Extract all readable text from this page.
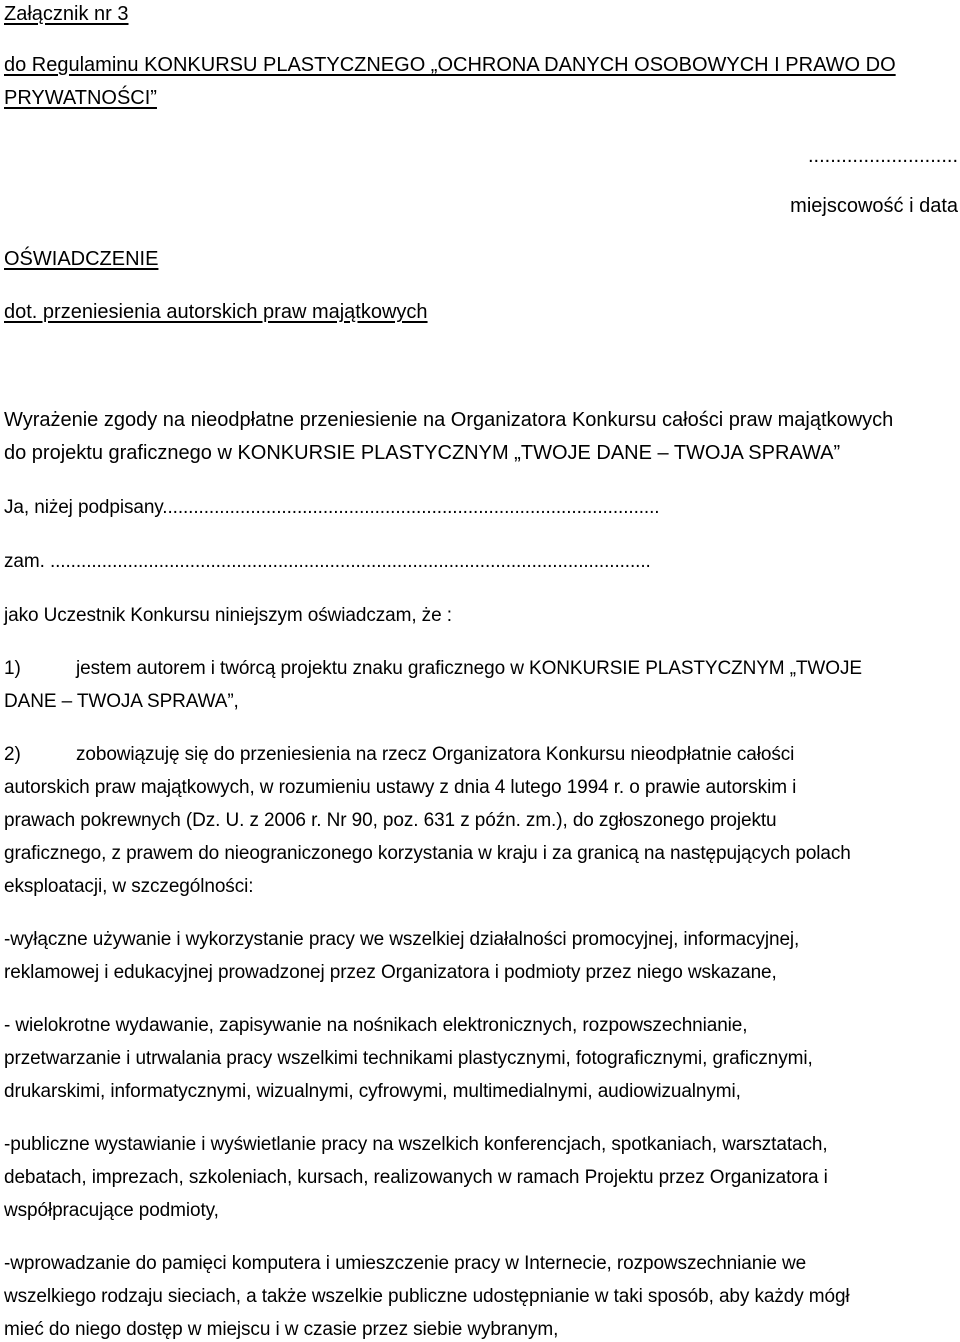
Załącznik nr 3
do Regulaminu KONKURSU PLASTYCZNEGO „OCHRONA DANYCH OSOBOWYCH I PRAWO DO
PRYWATNOŚCI”
...........................
miejscowość i data
OŚWIADCZENIE
dot. przeniesienia autorskich praw majątkowych
Wyrażenie zgody na nieodpłatne przeniesienie na Organizatora Konkursu całości praw majątkowych
do projektu graficznego w KONKURSIE PLASTYCZNYM „TWOJE DANE – TWOJA SPRAWA”
Ja, niżej podpisany................................................................................................
zam. ....................................................................................................................
jako Uczestnik Konkursu niniejszym oświadczam, że :
1)	jestem autorem i twórcą projektu znaku graficznego w KONKURSIE PLASTYCZNYM „TWOJE
DANE – TWOJA SPRAWA”,
2)	zobowiązuję się do przeniesienia na rzecz Organizatora Konkursu nieodpłatnie całości
autorskich praw majątkowych, w rozumieniu ustawy z dnia 4 lutego 1994 r. o prawie autorskim i
prawach pokrewnych (Dz. U. z 2006 r. Nr 90, poz. 631 z późn. zm.), do zgłoszonego projektu
graficznego, z prawem do nieograniczonego korzystania w kraju i za granicą na następujących polach
eksploatacji, w szczególności:
-wyłączne używanie i wykorzystanie pracy we wszelkiej działalności promocyjnej, informacyjnej,
reklamowej i edukacyjnej prowadzonej przez Organizatora i podmioty przez niego wskazane,
- wielokrotne wydawanie, zapisywanie na nośnikach elektronicznych, rozpowszechnianie,
przetwarzanie i utrwalania pracy wszelkimi technikami plastycznymi, fotograficznymi, graficznymi,
drukarskimi, informatycznymi, wizualnymi, cyfrowymi, multimedialnymi, audiowizualnymi,
-publiczne wystawianie i wyświetlanie pracy na wszelkich konferencjach, spotkaniach, warsztatach,
debatach, imprezach, szkoleniach, kursach, realizowanych w ramach Projektu przez Organizatora i
współpracujące podmioty,
-wprowadzanie do pamięci komputera i umieszczenie pracy w Internecie, rozpowszechnianie we
wszelkiego rodzaju sieciach, a także wszelkie publiczne udostępnianie w taki sposób, aby każdy mógł
mieć do niego dostęp w miejscu i w czasie przez siebie wybranym,
